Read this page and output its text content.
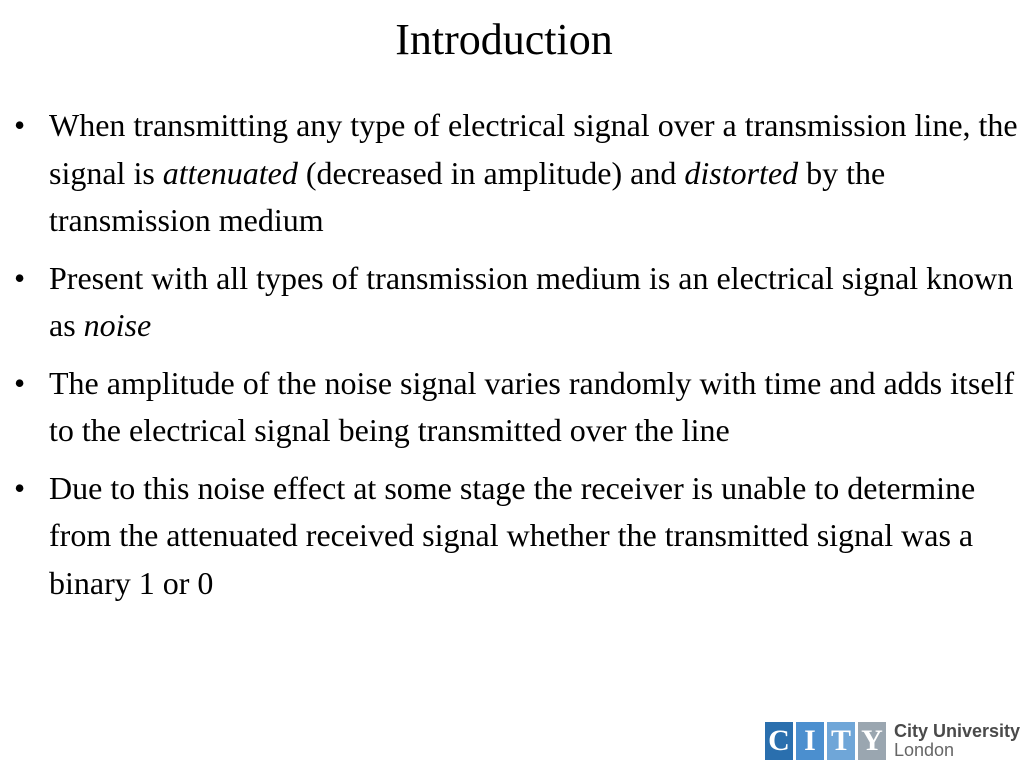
Introduction
• When transmitting any type of electrical signal over a transmission line, the signal is attenuated (decreased in amplitude) and distorted by the transmission medium
• Present with all types of transmission medium is an electrical signal known as noise
• The amplitude of the noise signal varies randomly with time and adds itself to the electrical signal being transmitted over the line
• Due to this noise effect at some stage the receiver is unable to determine from the attenuated received signal whether the transmitted signal was a binary 1 or 0
C I T Y City University
London
